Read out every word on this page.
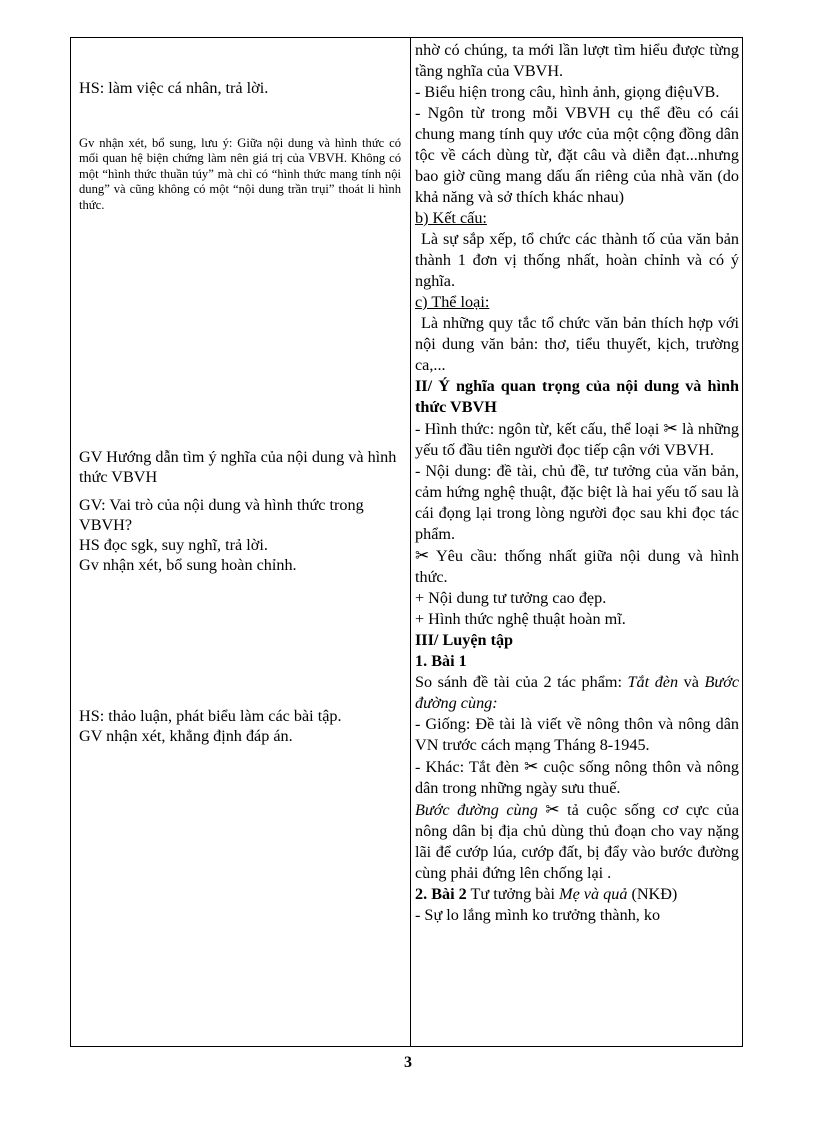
HS: làm việc cá nhân, trả lời.

Gv nhận xét, bổ sung, lưu ý: Giữa nội dung và hình thức có mối quan hệ biện chứng làm nên giá trị của VBVH. Không có một “hình thức thuần túy” mà chỉ có “hình thức mang tính nội dung” và cũng không có một “nội dung trần trụi” thoát li hình thức.

GV Hướng dẫn tìm ý nghĩa của nội dung và hình thức VBVH

GV: Vai trò của nội dung và hình thức trong VBVH?

HS đọc sgk, suy nghĩ, trả lời.

Gv nhận xét, bổ sung hoàn chỉnh.

HS: thảo luận, phát biểu làm các bài tập.

GV nhận xét, khẳng định đáp án.

nhờ có chúng, ta mới lần lượt tìm hiểu được từng tầng nghĩa của VBVH.

- Biểu hiện trong câu, hình ảnh, giọng điệuVB.

- Ngôn từ trong mỗi VBVH cụ thể đều có cái chung mang tính quy ước của một cộng đồng dân tộc về cách dùng từ, đặt câu và diễn đạt...nhưng bao giờ cũng mang dấu ấn riêng của nhà văn (do khả năng và sở thích khác nhau)

b) Kết cấu:

Là sự sắp xếp, tổ chức các thành tố của văn bản thành 1 đơn vị thống nhất, hoàn chỉnh và có ý nghĩa.

c) Thể loại:

Là những quy tắc tổ chức văn bản thích hợp với nội dung văn bản: thơ, tiểu thuyết, kịch, trường ca,...

II/ Ý nghĩa quan trọng của nội dung và hình thức VBVH

- Hình thức: ngôn từ, kết cấu, thể loại ✂ là những yếu tố đầu tiên người đọc tiếp cận với VBVH.

- Nội dung: đề tài, chủ đề, tư tưởng của văn bản, cảm hứng nghệ thuật, đặc biệt là hai yếu tố sau là cái đọng lại trong lòng người đọc sau khi đọc tác phẩm.

✂ Yêu cầu: thống nhất giữa nội dung và hình thức.

+ Nội dung tư tưởng cao đẹp.

+ Hình thức nghệ thuật hoàn mĩ.

III/ Luyện tập

1. Bài 1

So sánh đề tài của 2 tác phẩm: Tắt đèn và Bước đường cùng:

- Giống: Đề tài là viết về nông thôn và nông dân VN trước cách mạng Tháng 8-1945.

- Khác: Tắt đèn ✂ cuộc sống nông thôn và nông dân trong những ngày sưu thuế.

Bước đường cùng ✂ tả cuộc sống cơ cực của nông dân bị địa chủ dùng thủ đoạn cho vay nặng lãi để cướp lúa, cướp đất, bị đẩy vào bước đường cùng phải đứng lên chống lại .

2. Bài 2 Tư tưởng bài Mẹ và quả (NKĐ)

- Sự lo lắng mình ko trưởng thành, ko

3
